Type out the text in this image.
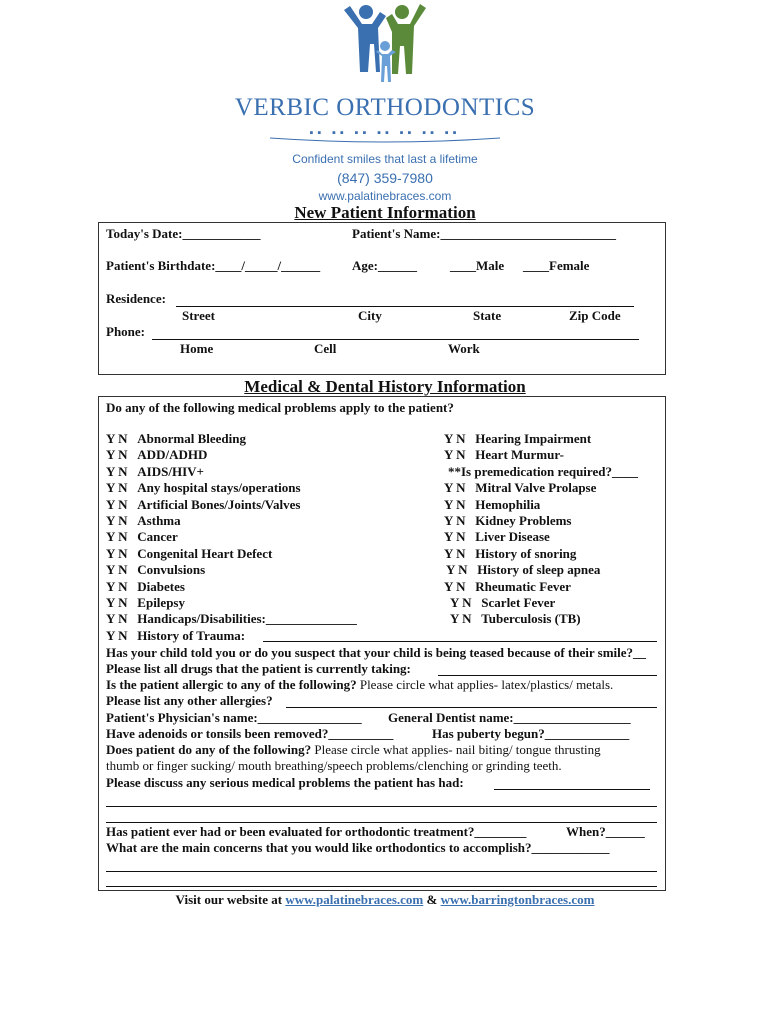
VERBIC ORTHODONTICS
▪▪ ▪▪ ▪▪ ▪▪ ▪▪ ▪▪ ▪▪
Confident smiles that last a lifetime
(847) 359-7980
www.palatinebraces.com
New Patient Information
Today's Date:____________	Patient's Name:___________________________
Patient's Birthdate:____/_____/______ Age:______	____Male ____Female
Residence:
Street	City	State	Zip Code
Phone:
Home	Cell	Work
Medical & Dental History Information
Do any of the following medical problems apply to the patient?
Y N Abnormal Bleeding
Y N ADD/ADHD
Y N AIDS/HIV+
Y N Any hospital stays/operations
Y N Artificial Bones/Joints/Valves
Y N Asthma
Y N Cancer
Y N Congenital Heart Defect
Y N Convulsions
Y N Diabetes
Y N Epilepsy
Y N Handicaps/Disabilities:______________
Y N History of Trauma:
Y N Hearing Impairment
Y N Heart Murmur-
**Is premedication required?____
Y N Mitral Valve Prolapse
Y N Hemophilia
Y N Kidney Problems
Y N Liver Disease
Y N History of snoring
Y N History of sleep apnea
Y N Rheumatic Fever
Y N Scarlet Fever
Y N Tuberculosis (TB)
Has your child told you or do you suspect that your child is being teased because of their smile?__
Please list all drugs that the patient is currently taking:
Is the patient allergic to any of the following? Please circle what applies- latex/plastics/ metals.
Please list any other allergies?
Patient's Physician's name:________________ General Dentist name:__________________
Have adenoids or tonsils been removed?__________	Has puberty begun?_____________
Does patient do any of the following? Please circle what applies- nail biting/ tongue thrusting
thumb or finger sucking/ mouth breathing/speech problems/clenching or grinding teeth.
Please discuss any serious medical problems the patient has had:
Has patient ever had or been evaluated for orthodontic treatment?________	When?______
What are the main concerns that you would like orthodontics to accomplish?____________
Visit our website at www.palatinebraces.com & www.barringtonbraces.com
